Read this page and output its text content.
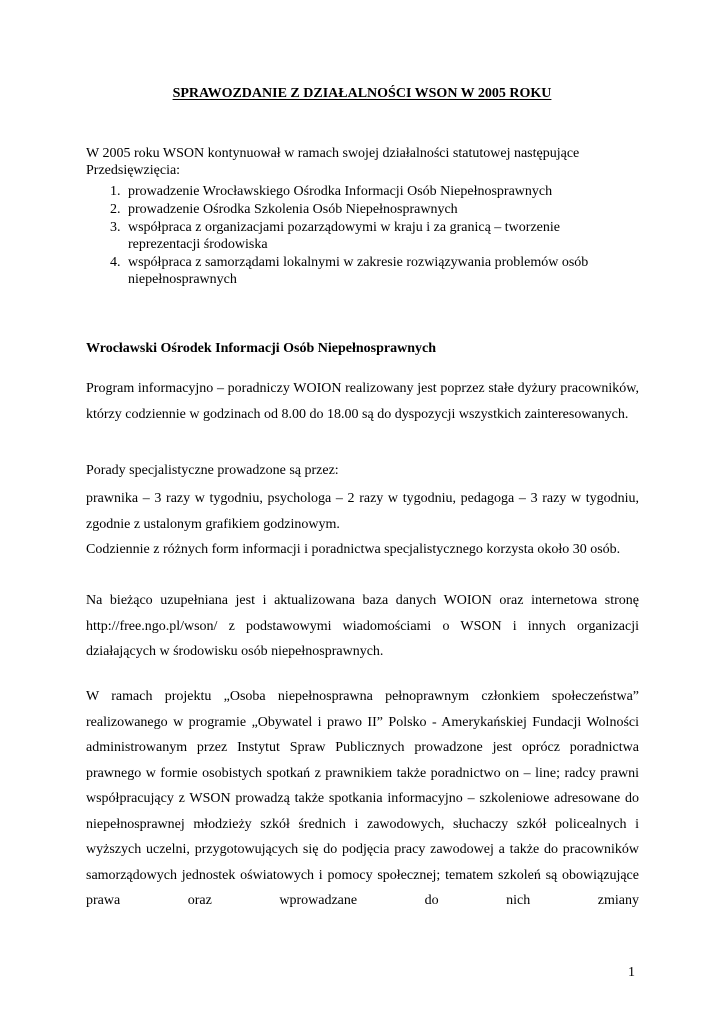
SPRAWOZDANIE Z DZIAŁALNOŚCI WSON W 2005 ROKU

W 2005 roku WSON kontynuował w ramach swojej działalności statutowej następujące Przedsięwzięcia:

1. prowadzenie Wrocławskiego Ośrodka Informacji Osób Niepełnosprawnych
2. prowadzenie Ośrodka Szkolenia Osób Niepełnosprawnych
3. współpraca z organizacjami pozarządowymi w kraju i za granicą – tworzenie reprezentacji środowiska
4. współpraca z samorządami lokalnymi w zakresie rozwiązywania problemów osób niepełnosprawnych
Wrocławski Ośrodek Informacji Osób Niepełnosprawnych

Program informacyjno – poradniczy WOION realizowany jest poprzez stałe dyżury pracowników, którzy codziennie w godzinach od 8.00 do 18.00 są do dyspozycji wszystkich zainteresowanych.

Porady specjalistyczne prowadzone są przez:

prawnika – 3 razy w tygodniu, psychologa – 2 razy w tygodniu, pedagoga – 3 razy w tygodniu, zgodnie z ustalonym grafikiem godzinowym.

Codziennie z różnych form informacji i poradnictwa specjalistycznego korzysta około 30 osób.

Na bieżąco uzupełniana jest i aktualizowana baza danych WOION oraz internetowa stronę http://free.ngo.pl/wson/ z podstawowymi wiadomościami o WSON i innych organizacji działających w środowisku osób niepełnosprawnych.

W ramach projektu „Osoba niepełnosprawna pełnoprawnym członkiem społeczeństwa” realizowanego w programie „Obywatel i prawo II” Polsko - Amerykańskiej Fundacji Wolności administrowanym przez Instytut Spraw Publicznych prowadzone jest oprócz poradnictwa prawnego w formie osobistych spotkań z prawnikiem także poradnictwo on – line; radcy prawni współpracujący z WSON prowadzą także spotkania informacyjno – szkoleniowe adresowane do niepełnosprawnej młodzieży szkół średnich i zawodowych, słuchaczy szkół policealnych i wyższych uczelni, przygotowujących się do podjęcia pracy zawodowej a także do pracowników samorządowych jednostek oświatowych i pomocy społecznej; tematem szkoleń są obowiązujące prawa oraz wprowadzane do nich zmiany

1
